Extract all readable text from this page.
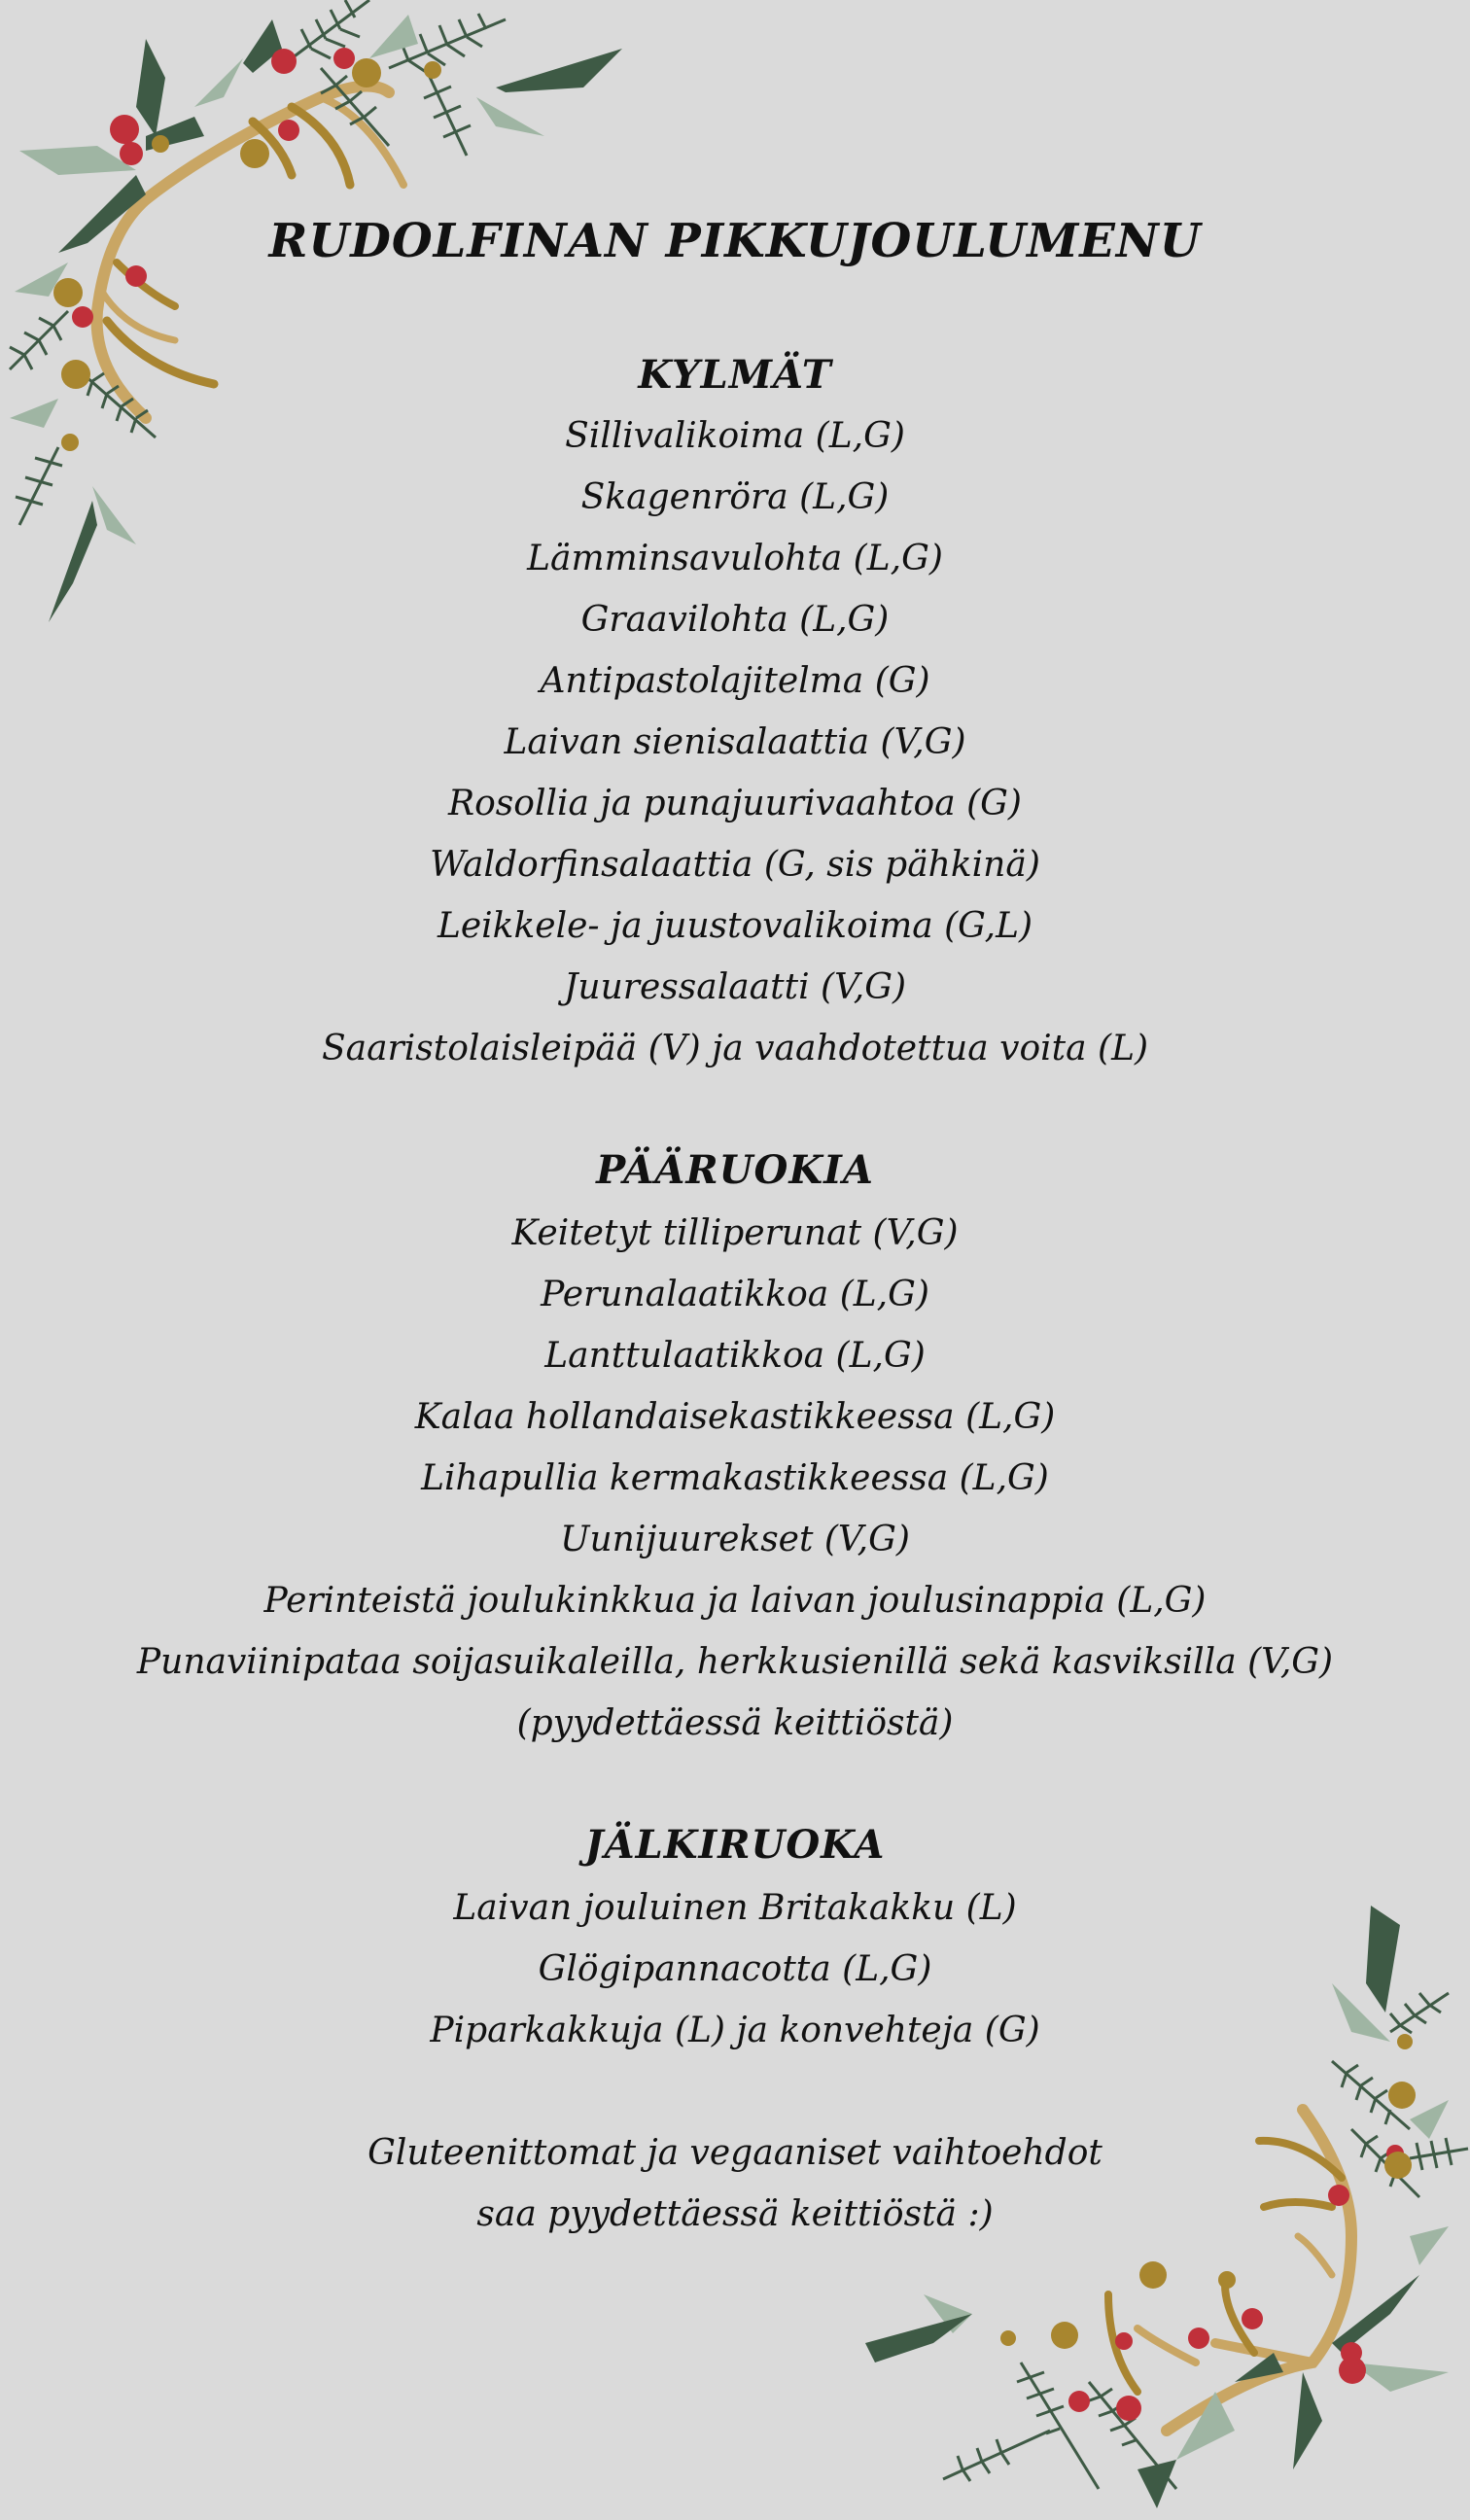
RUDOLFINAN PIKKUJOULUMENU
KYLMÄT
Sillivalikoima (L,G)
Skagenröra (L,G)
Lämminsavulohta (L,G)
Graavilohta (L,G)
Antipastolajitelma (G)
Laivan sienisalaattia (V,G)
Rosollia ja punajuurivaahtoa (G)
Waldorfinsalaattia (G, sis pähkinä)
Leikkele- ja juustovalikoima (G,L)
Juuressalaatti (V,G)
Saaristolaisleipää (V) ja vaahdotettua voita (L)
PÄÄRUOKIA
Keitetyt tilliperunat (V,G)
Perunalaatikkoa (L,G)
Lanttulaatikkoa (L,G)
Kalaa hollandaisekastikkeessa (L,G)
Lihapullia kermakastikkeessa (L,G)
Uunijuurekset (V,G)
Perinteistä joulukinkkua ja laivan joulusinappia (L,G)
Punaviinipataa soijasuikaleilla, herkkusienillä sekä kasviksilla (V,G)
(pyydettäessä keittiöstä)
JÄLKIRUOKA
Laivan jouluinen Britakakku (L)
Glögipannacotta (L,G)
Piparkakkuja (L) ja konvehteja (G)
Gluteenittomat ja vegaaniset vaihtoehdot
saa pyydettäessä keittiöstä :)
